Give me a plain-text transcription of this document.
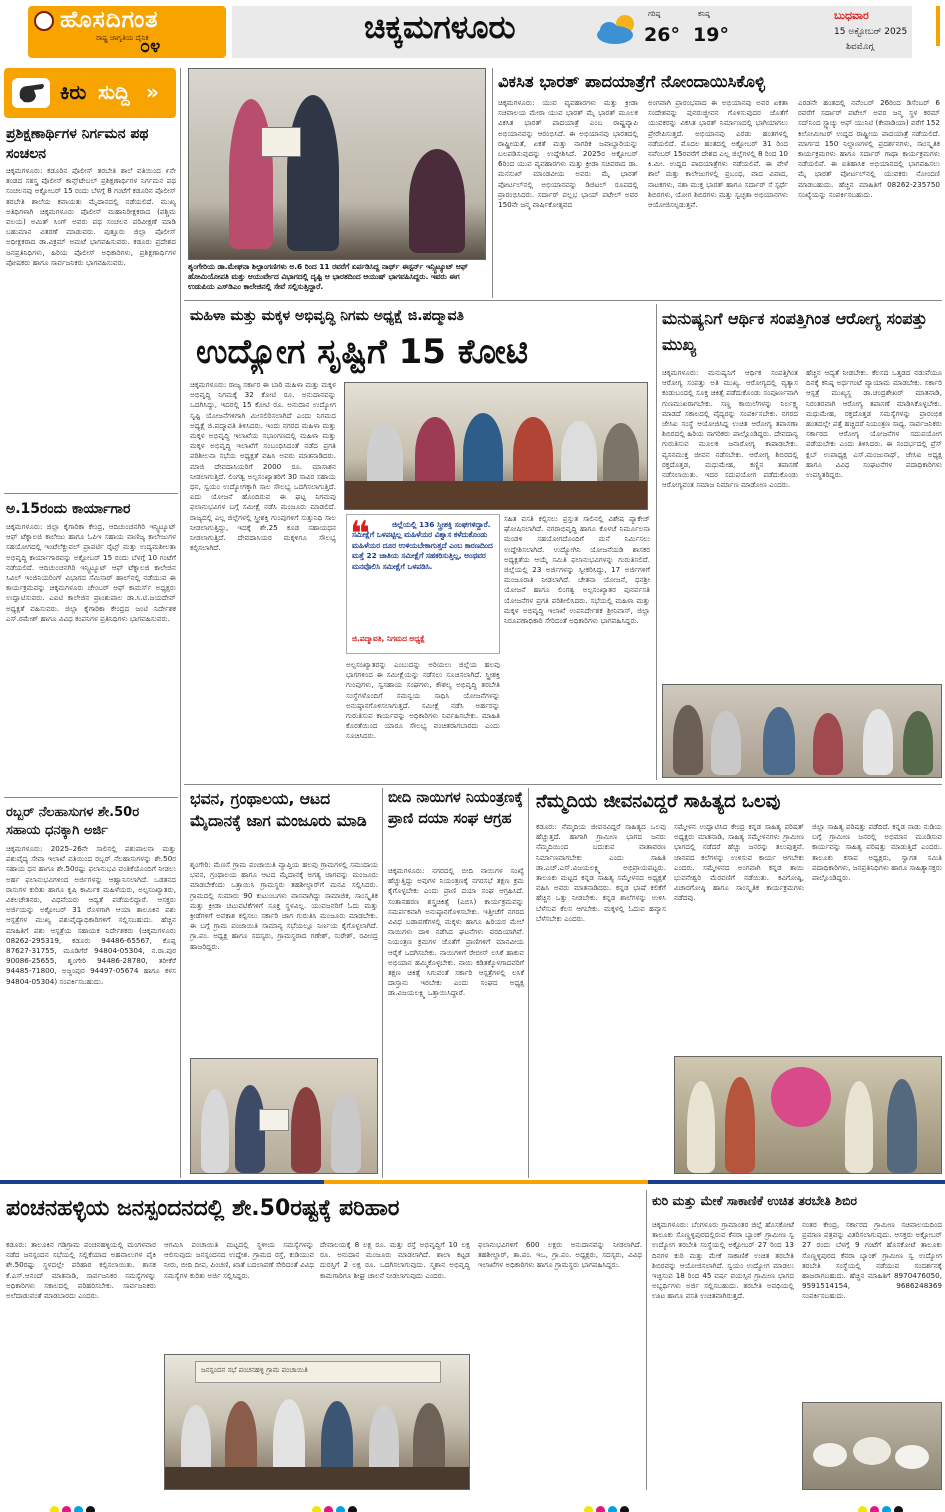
ಹೊಸದಿಗಂತ
ರಾಷ್ಟ್ರ ಜಾಗೃತಿಯ ದೈನಿಕ
೦೪
ಚಿಕ್ಕಮಗಳೂರು	ಗರಿಷ್ಠ
26°
ಕನಿಷ್ಠ
19°
ಬುಧವಾರ
15 ಅಕ್ಟೋಬರ್ 2025
ಶಿವಮೊಗ್ಗ
ಕಿರು ಸುದ್ದಿ »
ಪ್ರಶಿಕ್ಷಣಾರ್ಥಿಗಳ ನಿರ್ಗಮನ ಪಥ ಸಂಚಲನ
ಚಿಕ್ಕಮಗಳೂರು: ಕಡೂರಿನ ಪೊಲೀಸ್ ತರಬೇತಿ ಶಾಲೆ ವತಿಯಿಂದ ೯ನೇ ತಂಡದ ಸಶಸ್ತ್ರ ಪೊಲೀಸ್ ಕಾನ್ಸ್‌ಟೇಬಲ್ ಪ್ರಶಿಕ್ಷಣಾರ್ಥಿಗಳ ನಿರ್ಗಮನ ಪಥ ಸಂಚಲನವು ಅಕ್ಟೋಬರ್ 15 ರಂದು ಬೆಳಗ್ಗೆ 8 ಗಂಟೆಗೆ ಕಡೂರಿನ ಪೊಲೀಸ್ ತರಬೇತಿ ಶಾಲೆಯ ಕವಾಯತು ಮೈದಾನದಲ್ಲಿ ನಡೆಯಲಿದೆ. ಮುಖ್ಯ ಅತಿಥಿಗಳಾಗಿ ಚಿಕ್ಕಮಗಳೂರು ಪೊಲೀಸ್ ಮಹಾನಿರೀಕ್ಷಕರಾದ (ಪಶ್ಚಿಮ ವಲಯ) ಅಮಿತ್ ಸಿಂಗ್ ಅವರು ಪಥ ಸಂಚಲನ ಪರಿವೀಕ್ಷಣೆ ಮಾಡಿ ಬಹುಮಾನ ವಿತರಣೆ ಮಾಡುವರು. ಪುತ್ತೂರು ಜಿಲ್ಲಾ ಪೊಲೀಸ್ ಅಧೀಕ್ಷಕರಾದ ಡಾ.ವಿಕ್ರಮ್ ಅಮಟೆ ಭಾಗವಹಿಸುವರು. ಕಡೂರು ಪ್ರದೇಶದ ಜನಪ್ರತಿನಿಧಿಗಳು, ಹಿರಿಯ ಪೊಲೀಸ್ ಅಧಿಕಾರಿಗಳು, ಪ್ರಶಿಕ್ಷಣಾರ್ಥಿಗಳ ಪೋಷಕರು ಹಾಗೂ ಸಾರ್ವಜನಿಕರು ಭಾಗವಹಿಸುವರು.
ಅ.15ರಂದು ಕಾರ್ಯಾಗಾರ
ಚಿಕ್ಕಮಗಳೂರು: ಜಿಲ್ಲಾ ಕೈಗಾರಿಕಾ ಕೇಂದ್ರ, ಆದಿಚುಂಚನಗಿರಿ ಇನ್ಸ್ಟಿಟ್ಯೂಟ್ ಆಫ್ ಟೆಕ್ನಾಲಜಿ ಕಾಲೇಜು ಹಾಗೂ ಓಪಿಇ ಸಹಾಯ ವಾಣಿಜ್ಯ ಕಾಲೇಜುಗಳ ಸಹಯೋಗದಲ್ಲಿ ಇಂಟೆಲೆಕ್ಚುವಲ್ ಪ್ರಾಪರ್ಟಿ ರೈಟ್ಸ್ ಮತ್ತು ಉದ್ಯಮಶೀಲತಾ ಅಭಿವೃದ್ಧಿ ಕಾರ್ಯಾಗಾರವನ್ನು ಅಕ್ಟೋಬರ್ 15 ರಂದು ಬೆಳಗ್ಗೆ 10 ಗಂಟೆಗೆ ನಡೆಯಲಿದೆ. ಆದಿಚುಂಚನಗಿರಿ ಇನ್ಸ್ಟಿಟ್ಯೂಟ್ ಆಫ್ ಟೆಕ್ನಾಲಜಿ ಕಾಲೇಜಿನ ಸಿವಿಲ್ ಇಂಜಿನಿಯರಿಂಗ್ ವಿಭಾಗದ ಸೆಮಿನಾರ್ ಹಾಲ್‌ನಲ್ಲಿ ನಡೆಯುವ ಈ ಕಾರ್ಯಕ್ರಮವನ್ನು ಚಿಕ್ಕಮಗಳೂರು ಚೇಂಬರ್ ಆಫ್ ಕಾಮರ್ಸ್ ಅಧ್ಯಕ್ಷರು ಉದ್ಘಾಟಿಸುವರು. ಎಐಟಿ ಕಾಲೇಜಿನ ಪ್ರಾಂಶುಪಾಲ ಡಾ.ಸಿ.ಟಿ.ಜಯದೇವ್ ಅಧ್ಯಕ್ಷತೆ ವಹಿಸುವರು. ಜಿಲ್ಲಾ ಕೈಗಾರಿಕಾ ಕೇಂದ್ರದ ಜಂಟಿ ನಿರ್ದೇಶಕ ಎಸ್.ರಮೇಶ್ ಹಾಗೂ ವಿವಿಧ ಕಂಪನಿಗಳ ಪ್ರತಿನಿಧಿಗಳು ಭಾಗವಹಿಸುವರು.
ರಬ್ಬರ್ ನೆಲಹಾಸುಗಳ ಶೇ.50ರ ಸಹಾಯ ಧನಕ್ಕಾಗಿ ಅರ್ಜಿ
ಚಿಕ್ಕಮಗಳೂರು: 2025–26ನೇ ಸಾಲಿನಲ್ಲಿ ಪಶುಪಾಲನಾ ಮತ್ತು ಪಶುವೈದ್ಯ ಸೇವಾ ಇಲಾಖೆ ವತಿಯಿಂದ ರಬ್ಬರ್ ನೆಲಹಾಸುಗಳನ್ನು ಶೇ.50ರ ಸಹಾಯ ಧನ ಹಾಗೂ ಶೇ.50ರಷ್ಟು ಫಲಾನುಭವಿ ವಂತಿಕೆಯೊಂದಿಗೆ ನೀಡಲು ಅರ್ಹ ಫಲಾನುಭವಿಗಳಿಂದ ಅರ್ಜಿಗಳನ್ನು ಆಹ್ವಾನಿಸಲಾಗಿದೆ. ಒಡತನದ ರಾಸುಗಳ ಕುರಿತು ಹಾಗೂ ಕೃಷಿ ಕಾರ್ಮಿಕ ಮಹಿಳೆಯರು, ಅಲ್ಪಸಂಖ್ಯಾತರು, ವಿಕಲಚೇತನರು, ವಿಧವೆಯರು ಆದ್ಯತೆ ಪಡೆಯಲಿದ್ದಾರೆ. ಆಸಕ್ತರು ಅರ್ಜಿಯನ್ನು ಅಕ್ಟೋಬರ್ 31 ರೊಳಗಾಗಿ ಆಯಾ ತಾಲೂಕಿನ ಪಶು ಆಸ್ಪತ್ರೆಗಳ ಮುಖ್ಯ ಪಶುವೈದ್ಯಾಧಿಕಾರಿಗಳಿಗೆ ಸಲ್ಲಿಸಬಹುದು. ಹೆಚ್ಚಿನ ಮಾಹಿತಿಗೆ ಪಶು ಆಸ್ಪತ್ರೆಯ ಸಹಾಯಕ ನಿರ್ದೇಶಕರು (ಚಿಕ್ಕಮಗಳೂರು 08262-295319, ಕಡೂರು 94486-65567, ಕೊಪ್ಪ 87627-31755, ಮೂಡಿಗೆರೆ 94804-05304, ನ.ರಾ.ಪುರ 90086-25655, ಶೃಂಗೇರಿ 94486-28780, ತರೀಕೆರೆ 94485-71800, ಅಜ್ಜಂಪುರ 94497-05674 ಹಾಗೂ ಕಳಸ 94804-05304) ಸಂಪರ್ಕಿಸಬಹುದು.
ಶೃಂಗೇರಿಯ ಡಾ.ಮೇಘನಾ ಶಿಲ್ಪಾಂಗಣಿಗಳು ಅ.6 ರಿಂದ 11 ರವರೆಗೆ ಏರ್ಪಡಿಸಿದ್ದ ನಾರ್ಥ್ ಈಸ್ಟರ್ನ್ ಇನ್ಸ್ಟಿಟ್ಯೂಟ್ ಆಫ್ ಹೋಮಿಯೋಪತಿ ಮತ್ತು ಆಯುರ್ವೇದ ವಿಭಾಗದಲ್ಲಿ ದೃಷ್ಟಿ ಆ ಭಾರತದಿಂದ ಆಯುಷ್ ಭಾಗವಹಿಸಿದ್ದರು. ಇವರು ಈಗ ಉಡುಪಿಯ ಎಸ್‌ಡಿಎಂ ಕಾಲೇಜಿನಲ್ಲಿ ಸೇವೆ ಸಲ್ಲಿಸುತ್ತಿದ್ದಾರೆ.
ವಿಕಸಿತ ಭಾರತ್ ಪಾದಯಾತ್ರೆಗೆ ನೋಂದಾಯಿಸಿಕೊಳ್ಳಿ
ಚಿಕ್ಕಮಗಳೂರು: ಯುವ ವ್ಯವಹಾರಗಳು ಮತ್ತು ಕ್ರೀಡಾ ಸಚಿವಾಲಯ ಮೇರಾ ಯುವ ಭಾರತ್ ಮೈ ಭಾರತ್ ಮೂಲಕ ವಿಕಸಿತ ಭಾರತ್ ಪಾದಯಾತ್ರೆ ಎಂಬ ರಾಷ್ಟ್ರವ್ಯಾಪಿ ಅಭಿಯಾನವನ್ನು ಆರಂಭಿಸಿದೆ. ಈ ಅಭಿಯಾನವು ಭಾರತದಲ್ಲಿ ರಾಷ್ಟ್ರೀಯತೆ, ಏಕತೆ ಮತ್ತು ನಾಗರಿಕ ಜವಾಬ್ದಾರಿಯನ್ನು ಬಲಪಡಿಸುವುದನ್ನು ಉದ್ದೇಶಿಸಿದೆ. 2025ರ ಅಕ್ಟೋಬರ್ 6ರಿಂದ ಯುವ ವ್ಯವಹಾರಗಳು ಮತ್ತು ಕ್ರೀಡಾ ಸಚಿವರಾದ ಡಾ. ಮನಸುಖ್ ಮಾಂಡವೀಯ ಅವರು ಮೈ ಭಾರತ್ ಪೋರ್ಟಲ್‌ನಲ್ಲಿ ಅಭಿಯಾನವನ್ನು ಡಿಜಿಟಲ್ ರೂಪದಲ್ಲಿ ಪ್ರಾರಂಭಿಸಿದರು. ಸರ್ದಾರ್ ವಲ್ಲಭ ಭಾಯ್ ಪಟೇಲ್ ಅವರ 150ನೇ ಜನ್ಮ ವಾರ್ಷಿಕೋತ್ಸವದ
ಅಂಗವಾಗಿ ಪ್ರಾರಂಭವಾದ ಈ ಅಭಿಯಾನವು ಅವರ ಏಕತಾ ಸಂದೇಶವನ್ನು ಪುನರುಜ್ಜೀವನ ಗೊಳಿಸುವುದರ ಜೊತೆಗೆ ಯುವಕರನ್ನು ವಿಕಸಿತ ಭಾರತ್ ನಿರ್ಮಾಣದಲ್ಲಿ ಭಾಗಿಯಾಗಲು ಪ್ರೇರೇಪಿಸುತ್ತದೆ. ಅಭಿಯಾನವು ಎರಡು ಹಂತಗಳಲ್ಲಿ ನಡೆಯಲಿದೆ. ಮೊದಲ ಹಂತದಲ್ಲಿ ಅಕ್ಟೋಬರ್ 31 ರಿಂದ ನವೆಂಬರ್ 15ರವರೆಗೆ ದೇಶದ ಎಲ್ಲ ಜಿಲ್ಲೆಗಳಲ್ಲಿ 8 ರಿಂದ 10 ಕಿ.ಮೀ. ಉದ್ದದ ಪಾದಯಾತ್ರೆಗಳು ನಡೆಯಲಿವೆ. ಈ ವೇಳೆ ಶಾಲೆ ಮತ್ತು ಕಾಲೇಜುಗಳಲ್ಲಿ ಪ್ರಬಂಧ, ವಾದ ವಿವಾದ, ನಾಟಕಗಳು, ನಶಾ ಮುಕ್ತ ಭಾರತ್ ಹಾಗೂ ಸರ್ದಾರ್ ಸೆ ಸ್ಪರ್ಧೆ ಶಿಬಿರಗಳು, ಯೋಗ ಶಿಬಿರಗಳು ಮತ್ತು ಸ್ವಚ್ಛತಾ ಅಭಿಯಾನಗಳು ಆಯೋಜಿಸಲ್ಪಡುತ್ತವೆ.
ಎರಡನೇ ಹಂತದಲ್ಲಿ ನವೆಂಬರ್ 26ರಿಂದ ಡಿಸೆಂಬರ್ 6 ರವರೆಗೆ ಸರ್ದಾರ್ ಪಟೇಲ್ ಅವರ ಜನ್ಮ ಸ್ಥಳ ಕರಮ್ ಸದ್‌ನಿಂದ ಸ್ಟ್ಯಾಚ್ಯು ಆಫ್ ಯುನಿಟಿ (ಕೇವಾಡಿಯಾ) ವರೆಗೆ 152 ಕಿಲೋಮೀಟರ್ ಉದ್ದದ ರಾಷ್ಟ್ರೀಯ ಪಾದಯಾತ್ರೆ ನಡೆಯಲಿದೆ. ಮಾರ್ಗದ 150 ನಿಲ್ದಾಣಗಳಲ್ಲಿ ಪ್ರದರ್ಶನಗಳು, ಸಾಂಸ್ಕೃತಿಕ ಕಾರ್ಯಕ್ರಮಗಳು ಹಾಗೂ ಸರ್ದಾರ್ ಗಾಥಾ ಕಾರ್ಯಕ್ರಮಗಳು ನಡೆಯಲಿವೆ. ಈ ಐತಿಹಾಸಿಕ ಅಭಿಯಾನದಲ್ಲಿ ಭಾಗವಹಿಸಲು ಮೈ ಭಾರತ್ ಪೋರ್ಟಲ್‌ನಲ್ಲಿ ಯುವಕರು ನೋಂದಣಿ ಮಾಡಬಹುದು. ಹೆಚ್ಚಿನ ಮಾಹಿತಿಗೆ 08262-235750 ಸಂಖ್ಯೆಯನ್ನು ಸಂಪರ್ಕಿಸಬಹುದು.
ಮಹಿಳಾ ಮತ್ತು ಮಕ್ಕಳ ಅಭಿವೃದ್ಧಿ ನಿಗಮ ಅಧ್ಯಕ್ಷೆ ಜಿ.ಪದ್ಮಾವತಿ
ಉದ್ಯೋಗ ಸೃಷ್ಟಿಗೆ 15 ಕೋಟಿ
ಚಿಕ್ಕಮಗಳೂರು: ರಾಜ್ಯ ಸರ್ಕಾರ ಈ ಬಾರಿ ಮಹಿಳಾ ಮತ್ತು ಮಕ್ಕಳ ಅಭಿವೃದ್ಧಿ ನಿಗಮಕ್ಕೆ 32 ಕೋಟಿ ರೂ. ಅನುದಾನವನ್ನು ಒದಗಿಸಿದ್ದು, ಇದರಲ್ಲಿ 15 ಕೋಟಿ ರೂ. ಅನುದಾನ ಉದ್ಯೋಗ ಸೃಷ್ಟಿ ಯೋಜನೆಗಳಿಗಾಗಿ ಮೀಸಲಿರಿಸಲಾಗಿದೆ ಎಂದು ನಿಗಮದ ಅಧ್ಯಕ್ಷೆ ಜಿ.ಪದ್ಮಾವತಿ ತಿಳಿಸಿದರು. ಇಂದು ನಗರದ ಮಹಿಳಾ ಮತ್ತು ಮಕ್ಕಳ ಅಭಿವೃದ್ಧಿ ಇಲಾಖೆಯ ಸಭಾಂಗಣದಲ್ಲಿ ಮಹಿಳಾ ಮತ್ತು ಮಕ್ಕಳ ಅಭಿವೃದ್ಧಿ ಇಲಾಖೆಗೆ ಸಂಬಂಧಿಸಿದಂತೆ ನಡೆದ ಪ್ರಗತಿ ಪರಿಶೀಲನಾ ಸಭೆಯ ಅಧ್ಯಕ್ಷತೆ ವಹಿಸಿ ಅವರು ಮಾತನಾಡಿದರು. ಮಾಜಿ ದೇವದಾಸಿಯರಿಗೆ 2000 ರೂ. ಮಾಸಾಶನ ನೀಡಲಾಗುತ್ತಿದೆ. ಲಿಂಗತ್ವ ಅಲ್ಪಸಂಖ್ಯಾತರಿಗೆ 30 ಸಾವಿರ ಸಹಾಯ ಧನ, ಸ್ವಯಂ ಉದ್ಯೋಗಕ್ಕಾಗಿ ಸಾಲ ಸೌಲಭ್ಯ ಒದಗಿಸಲಾಗುತ್ತಿದೆ. ಐದು ಯೋಜನೆ ಹೊಂದಿರುವ ಈ ಘಟ್ಟ ನಿಗಮವು ಫಲಾನುಭವಿಗಳ ಬಗ್ಗೆ ಸಮೀಕ್ಷೆ ನಡೆಸಿ ಮಂಜೂರು ಮಾಡಲಿದೆ. ರಾಜ್ಯದಲ್ಲಿ ಎಲ್ಲ ಜಿಲ್ಲೆಗಳಲ್ಲಿ ಸ್ತ್ರೀಶಕ್ತಿ ಗುಂಪುಗಳಿಗೆ ಸುತ್ತುನಿಧಿ ಸಾಲ ನೀಡಲಾಗುತ್ತಿದ್ದು, ಇದಕ್ಕೆ ಶೇ.25 ಕೂಡ ಸಹಾಯಧನ ನೀಡಲಾಗುತ್ತಿದೆ. ದೇವದಾಸಿಯರ ಮಕ್ಕಳಿಗೂ ಸೌಲಭ್ಯ ಕಲ್ಪಿಸಲಾಗಿದೆ.	❝	ಜಿಲ್ಲೆಯಲ್ಲಿ 136 ಸ್ತ್ರೀಶಕ್ತಿ ಸಂಘಗಳಿದ್ದಾರೆ. ಸಮೀಕ್ಷೆಗೆ ಒಳಪಟ್ಟಿಲ್ಲ ಮಹಿಳೆಯರ ವಿಶ್ವಾಸ ಕಳೆದುಕೊಂಡು ಮಹಿಳೆಯರ ದೂರ ಉಳಿಯಬೇಕಾಗುತ್ತದೆ ಎಂಬ ಕಾರಣದಿಂದ ಮತ್ತೆ 22 ಜಾತಿಯ ಸಮೀಕ್ಷೆಗೆ ಸಹಕರಿಸುತ್ತಿಲ್ಲ, ಅಂಥವರ ಮನವೊಲಿಸಿ ಸಮೀಕ್ಷೆಗೆ ಒಳಪಡಿಸಿ.
ಜಿ.ಪದ್ಮಾವತಿ, ನಿಗಮದ ಅಧ್ಯಕ್ಷೆ
ಸಹಿತ ವಸತಿ ಕಲ್ಪಿಸಲು ಪ್ರಸ್ತುತ ಸಾಲಿನಲ್ಲಿ ವಿಶೇಷ ಪ್ಯಾಕೇಜ್ ಘೋಷಿಸಲಾಗಿದೆ. ನಗರಾಭಿವೃದ್ಧಿ ಹಾಗೂ ಕೊಳಚೆ ನಿರ್ಮೂಲನಾ ಮಂಡಳಿ ಸಹಯೋಗದೊಂದಿಗೆ ಮನೆ ನಿರ್ಮಿಸಲು ಉದ್ದೇಶಿಸಲಾಗಿದೆ. ಉದ್ಯೋಗಿನಿ ಯೋಜನೆಯಡಿ ಶಾಸಕರ ಅಧ್ಯಕ್ಷತೆಯ ಆಯ್ಕೆ ಸಮಿತಿ ಫಲಾನುಭವಿಗಳನ್ನು ಗುರುತಿಸಲಿದೆ. ಜಿಲ್ಲೆಯಲ್ಲಿ 23 ಅರ್ಜಿಗಳನ್ನು ಸ್ವೀಕರಿಸಿದ್ದು, 17 ಅರ್ಜಿಗಳಿಗೆ ಮಂಜೂರಾತಿ ನೀಡಲಾಗಿದೆ. ಚೇತನಾ ಯೋಜನೆ, ಧನಶ್ರೀ ಯೋಜನೆ ಹಾಗೂ ಲಿಂಗತ್ವ ಅಲ್ಪಸಂಖ್ಯಾತರ ಪುನರ್ವಸತಿ ಯೋಜನೆಗಳ ಪ್ರಗತಿ ಪರಿಶೀಲಿಸಿದರು. ಸಭೆಯಲ್ಲಿ ಮಹಿಳಾ ಮತ್ತು ಮಕ್ಕಳ ಅಭಿವೃದ್ಧಿ ಇಲಾಖೆ ಉಪನಿರ್ದೇಶಕ ಶ್ರೀನಿವಾಸ್, ಜಿಲ್ಲಾ ನಿರೂಪಣಾಧಿಕಾರಿ ಸೇರಿದಂತೆ ಅಧಿಕಾರಿಗಳು ಭಾಗವಹಿಸಿದ್ದರು.
ಅಲ್ಪಸಂಖ್ಯಾತರನ್ನು ಎಂಬುದನ್ನು ಅರಿಯಲು ಜಿಲ್ಲೆಯ ಹಲವು ಭಾಗಗಳಿಂದ ಈ ಸಮೀಕ್ಷೆಯನ್ನು ನಡೆಸಲು ಸೂಚಿಸಲಾಗಿದೆ. ಸ್ತ್ರೀಶಕ್ತಿ ಗುಂಪುಗಳು, ಸ್ವಸಹಾಯ ಸಂಘಗಳು, ಕೌಶಲ್ಯ ಅಭಿವೃದ್ಧಿ ತರಬೇತಿ ಸಂಸ್ಥೆಗಳೊಂದಿಗೆ ಸಮನ್ವಯ ಸಾಧಿಸಿ ಯೋಜನೆಗಳನ್ನು ಅನುಷ್ಠಾನಗೊಳಿಸಲಾಗುತ್ತದೆ. ಸಮೀಕ್ಷೆ ನಡೆಸಿ ಅರ್ಹರನ್ನು ಗುರುತಿಸುವ ಕಾರ್ಯವನ್ನು ಅಧಿಕಾರಿಗಳು ನಿರ್ವಹಿಸಬೇಕು. ಮಾಹಿತಿ ಕೊರತೆಯಿಂದ ಯಾರೂ ಸೌಲಭ್ಯ ವಂಚಿತರಾಗಬಾರದು ಎಂದು ಸೂಚಿಸಿದರು.
ಮನುಷ್ಯನಿಗೆ ಆರ್ಥಿಕ ಸಂಪತ್ತಿಗಿಂತ ಆರೋಗ್ಯ ಸಂಪತ್ತು ಮುಖ್ಯ
ಚಿಕ್ಕಮಗಳೂರು: ಮನುಷ್ಯನಿಗೆ ಆರ್ಥಿಕ ಸಂಪತ್ತಿಗಿಂತ ಆರೋಗ್ಯ ಸಂಪತ್ತು ಅತಿ ಮುಖ್ಯ. ಆರೋಗ್ಯದಲ್ಲಿ ವ್ಯತ್ಯಾಸ ಕಂಡುಬಂದಲ್ಲಿ ಸೂಕ್ತ ಚಿಕಿತ್ಸೆ ಪಡೆದುಕೊಂಡು ಸಂಪೂರ್ಣವಾಗಿ ಗುಣಮುಖರಾಗಬೇಕು. ಸಣ್ಣ ಕಾಯಿಲೆಗಳನ್ನು ನಿರ್ಲಕ್ಷ್ಯ ಮಾಡದೆ ಸಕಾಲದಲ್ಲಿ ವೈದ್ಯರನ್ನು ಸಂಪರ್ಕಿಸಬೇಕು. ನಗರದ ಜೇಸಿಐ ಸಂಸ್ಥೆ ಆಯೋಜಿಸಿದ್ದ ಉಚಿತ ಆರೋಗ್ಯ ತಪಾಸಣಾ ಶಿಬಿರದಲ್ಲಿ ಹಿರಿಯ ನಾಗರಿಕರು ಪಾಲ್ಗೊಂಡಿದ್ದರು. ದೇವದಾನ್ಯ ಗುರುತಿಸುವ ಮೂಲಕ ಜನಾರೋಗ್ಯ ಕಾಪಾಡಬೇಕು. ವ್ಯಸನಮುಕ್ತ ಜೀವನ ನಡೆಸಬೇಕು. ಆರೋಗ್ಯ ಶಿಬಿರದಲ್ಲಿ ರಕ್ತದೊತ್ತಡ, ಮಧುಮೇಹ, ಕಣ್ಣಿನ ತಪಾಸಣೆ ನಡೆಸಲಾಯಿತು. ಇದರ ಸದುಪಯೋಗ ಪಡೆದುಕೊಂಡು ಆರೋಗ್ಯವಂತ ಸಮಾಜ ನಿರ್ಮಾಣ ಮಾಡೋಣ ಎಂದರು.
ಹೆಚ್ಚಿನ ಆದ್ಯತೆ ನೀಡಬೇಕು. ಕೆಲಸದ ಒತ್ತಡದ ನಡುವೆಯೂ ದಿನಕ್ಕೆ ಕನಿಷ್ಠ ಅರ್ಧಗಂಟೆ ವ್ಯಾಯಾಮ ಮಾಡಬೇಕು. ಸರ್ಕಾರಿ ಆಸ್ಪತ್ರೆ ಮುಖ್ಯಸ್ಥ ಡಾ.ಚಂದ್ರಶೇಖರ್ ಮಾತನಾಡಿ, ನಿರಂತರವಾಗಿ ಆರೋಗ್ಯ ತಪಾಸಣೆ ಮಾಡಿಸಿಕೊಳ್ಳಬೇಕು. ಮಧುಮೇಹ, ರಕ್ತದೊತ್ತಡ ಸಮಸ್ಯೆಗಳನ್ನು ಪ್ರಾರಂಭಿಕ ಹಂತದಲ್ಲೇ ಪತ್ತೆ ಹಚ್ಚಿದರೆ ನಿಯಂತ್ರಣ ಸಾಧ್ಯ. ಸಾರ್ವಜನಿಕರು ಸರ್ಕಾರದ ಆರೋಗ್ಯ ಯೋಜನೆಗಳ ಸದುಪಯೋಗ ಪಡೆಯಬೇಕು ಎಂದು ತಿಳಿಸಿದರು. ಈ ಸಂದರ್ಭದಲ್ಲಿ ಪ್ರೆಸ್ ಕ್ಲಬ್ ಉಪಾಧ್ಯಕ್ಷ ಎಸ್.ಮಂಜುನಾಥ್, ಜೇಸಿಐ ಅಧ್ಯಕ್ಷ ಹಾಗೂ ವಿವಿಧ ಸಂಘಟನೆಗಳ ಪದಾಧಿಕಾರಿಗಳು ಉಪಸ್ಥಿತರಿದ್ದರು.
ಭವನ, ಗ್ರಂಥಾಲಯ, ಆಟದ ಮೈದಾನಕ್ಕೆ ಜಾಗ ಮಂಜೂರು ಮಾಡಿ
ಶೃಂಗೇರಿ: ಮೆಣಸೆ ಗ್ರಾಮ ಪಂಚಾಯಿತಿ ವ್ಯಾಪ್ತಿಯ ಹಲವು ಗ್ರಾಮಗಳಲ್ಲಿ ಸಮುದಾಯ ಭವನ, ಗ್ರಂಥಾಲಯ ಹಾಗೂ ಆಟದ ಮೈದಾನಕ್ಕೆ ಅಗತ್ಯ ಜಾಗವನ್ನು ಮಂಜೂರು ಮಾಡಬೇಕೆಂದು ಒತ್ತಾಯಿಸಿ ಗ್ರಾಮಸ್ಥರು ತಹಶೀಲ್ದಾರ್‌ಗೆ ಮನವಿ ಸಲ್ಲಿಸಿದರು. ಗ್ರಾಮದಲ್ಲಿ ಸುಮಾರು 90 ಕುಟುಂಬಗಳು ವಾಸವಾಗಿದ್ದು ಸಾಮಾಜಿಕ, ಸಾಂಸ್ಕೃತಿಕ ಮತ್ತು ಕ್ರೀಡಾ ಚಟುವಟಿಕೆಗಳಿಗೆ ಸೂಕ್ತ ಸ್ಥಳವಿಲ್ಲ. ಯುವಜನರಿಗೆ ಓದು ಮತ್ತು ಕ್ರೀಡೆಗಳಿಗೆ ಅವಕಾಶ ಕಲ್ಪಿಸಲು ಸರ್ಕಾರಿ ಜಾಗ ಗುರುತಿಸಿ ಮಂಜೂರು ಮಾಡಬೇಕು. ಈ ಬಗ್ಗೆ ಗ್ರಾಮ ಪಂಚಾಯಿತಿ ಸಾಮಾನ್ಯ ಸಭೆಯಲ್ಲೂ ನಿರ್ಣಯ ಕೈಗೊಳ್ಳಲಾಗಿದೆ. ಗ್ರಾ.ಪಂ. ಅಧ್ಯಕ್ಷ ಹಾಗೂ ಸದಸ್ಯರು, ಗ್ರಾಮಸ್ಥರಾದ ಗಣೇಶ್, ಸುರೇಶ್, ರವೀಂದ್ರ ಹಾಜರಿದ್ದರು.
ಬೀದಿ ನಾಯಿಗಳ ನಿಯಂತ್ರಣಕ್ಕೆ ಪ್ರಾಣಿ ದಯಾ ಸಂಘ ಆಗ್ರಹ
ಚಿಕ್ಕಮಗಳೂರು: ನಗರದಲ್ಲಿ ಬೀದಿ ನಾಯಿಗಳ ಸಂಖ್ಯೆ ಹೆಚ್ಚುತ್ತಿದ್ದು ಅವುಗಳ ನಿಯಂತ್ರಣಕ್ಕೆ ನಗರಸಭೆ ತಕ್ಷಣ ಕ್ರಮ ಕೈಗೊಳ್ಳಬೇಕು ಎಂದು ಪ್ರಾಣಿ ದಯಾ ಸಂಘ ಆಗ್ರಹಿಸಿದೆ. ಸಂತಾನಹರಣ ಶಸ್ತ್ರಚಿಕಿತ್ಸೆ (ಎಬಿಸಿ) ಕಾರ್ಯಕ್ರಮವನ್ನು ಸಮರ್ಪಕವಾಗಿ ಅನುಷ್ಠಾನಗೊಳಿಸಬೇಕು. ಇತ್ತೀಚೆಗೆ ನಗರದ ವಿವಿಧ ಬಡಾವಣೆಗಳಲ್ಲಿ ಮಕ್ಕಳು ಹಾಗೂ ಹಿರಿಯರ ಮೇಲೆ ನಾಯಿಗಳು ದಾಳಿ ನಡೆಸಿದ ಘಟನೆಗಳು ವರದಿಯಾಗಿವೆ. ನಿಯಂತ್ರಣ ಕ್ರಮಗಳ ಜೊತೆಗೆ ಪ್ರಾಣಿಗಳಿಗೆ ಮಾನವೀಯ ಆರೈಕೆ ಒದಗಿಸಬೇಕು. ನಾಯಿಗಳಿಗೆ ರೇಬೀಸ್ ಲಸಿಕೆ ಹಾಕುವ ಅಭಿಯಾನ ಹಮ್ಮಿಕೊಳ್ಳಬೇಕು. ನಾಯಿ ಕಡಿತಕ್ಕೊಳಗಾದವರಿಗೆ ತಕ್ಷಣ ಚಿಕಿತ್ಸೆ ಸಿಗುವಂತೆ ಸರ್ಕಾರಿ ಆಸ್ಪತ್ರೆಗಳಲ್ಲಿ ಲಸಿಕೆ ದಾಸ್ತಾನು ಇರಬೇಕು ಎಂದು ಸಂಘದ ಅಧ್ಯಕ್ಷ ಡಾ.ವಿಜಯಲಕ್ಷ್ಮಿ ಒತ್ತಾಯಿಸಿದ್ದಾರೆ.
ನೆಮ್ಮದಿಯ ಜೀವನವಿದ್ದರೆ ಸಾಹಿತ್ಯದ ಒಲವು
ಕಡೂರು: ನೆಮ್ಮದಿಯ ಜೀವನವಿದ್ದರೆ ಸಾಹಿತ್ಯದ ಒಲವು ಹೆಚ್ಚುತ್ತದೆ. ಹಾಗಾಗಿ ಗ್ರಾಮೀಣ ಭಾಗದ ಜನರು ನೆಮ್ಮದಿಯಿಂದ ಬದುಕುವ ವಾತಾವರಣ ನಿರ್ಮಾಣವಾಗಬೇಕು ಎಂದು ಸಾಹಿತಿ ಡಾ.ಎಚ್.ಎಸ್.ವಿಜಯಲಕ್ಷ್ಮಿ ಅಭಿಪ್ರಾಯಪಟ್ಟರು. ತಾಲೂಕು ಮಟ್ಟದ ಕನ್ನಡ ಸಾಹಿತ್ಯ ಸಮ್ಮೇಳನದ ಅಧ್ಯಕ್ಷತೆ ವಹಿಸಿ ಅವರು ಮಾತನಾಡಿದರು. ಕನ್ನಡ ಭಾಷೆ ಕಲಿಕೆಗೆ ಹೆಚ್ಚಿನ ಒತ್ತು ನೀಡಬೇಕು. ಕನ್ನಡ ಶಾಲೆಗಳನ್ನು ಉಳಿಸಿ ಬೆಳೆಸುವ ಕೆಲಸ ಆಗಬೇಕು. ಮಕ್ಕಳಲ್ಲಿ ಓದುವ ಹವ್ಯಾಸ ಬೆಳೆಸಬೇಕು ಎಂದರು.
ಸಮ್ಮೇಳನ ಉದ್ಘಾಟಿಸಿದ ಕೇಂದ್ರ ಕನ್ನಡ ಸಾಹಿತ್ಯ ಪರಿಷತ್ ಅಧ್ಯಕ್ಷರು ಮಾತನಾಡಿ, ಸಾಹಿತ್ಯ ಸಮ್ಮೇಳನಗಳು ಗ್ರಾಮೀಣ ಭಾಗದಲ್ಲಿ ನಡೆದರೆ ಹೆಚ್ಚು ಜನರನ್ನು ತಲುಪುತ್ತವೆ. ಜಾನಪದ ಕಲೆಗಳನ್ನು ಉಳಿಸುವ ಕಾರ್ಯ ಆಗಬೇಕು ಎಂದರು. ಸಮ್ಮೇಳನದ ಅಂಗವಾಗಿ ಕನ್ನಡ ತಾಯಿ ಭುವನೇಶ್ವರಿ ಮೆರವಣಿಗೆ ನಡೆಯಿತು. ಕವಿಗೋಷ್ಠಿ, ವಿಚಾರಗೋಷ್ಠಿ ಹಾಗೂ ಸಾಂಸ್ಕೃತಿಕ ಕಾರ್ಯಕ್ರಮಗಳು ನಡೆದವು.
ಜಿಲ್ಲಾ ಸಾಹಿತ್ಯ ಪರಿಷತ್ತು ಪಡೆದಿದೆ. ಕನ್ನಡ ನಾಡು ನುಡಿಯ ಬಗ್ಗೆ ಗ್ರಾಮೀಣ ಜನರಲ್ಲಿ ಅಭಿಮಾನ ಮೂಡಿಸುವ ಕಾರ್ಯವನ್ನು ಸಾಹಿತ್ಯ ಪರಿಷತ್ತು ಮಾಡುತ್ತಿದೆ ಎಂದರು. ತಾಲೂಕು ಕಸಾಪ ಅಧ್ಯಕ್ಷರು, ಸ್ವಾಗತ ಸಮಿತಿ ಪದಾಧಿಕಾರಿಗಳು, ಜನಪ್ರತಿನಿಧಿಗಳು ಹಾಗೂ ಸಾಹಿತ್ಯಾಸಕ್ತರು ಪಾಲ್ಗೊಂಡಿದ್ದರು.
ಪಂಚನಹಳ್ಳಿಯ ಜನಸ್ಪಂದನದಲ್ಲಿ ಶೇ.50ರಷ್ಟಕ್ಕೆ ಪರಿಹಾರ
ಕಡೂರು: ತಾಲೂಕಿನ ಗಡಿಗ್ರಾಮ ಪಂಚನಹಳ್ಳಿಯಲ್ಲಿ ಮಂಗಳವಾರ ನಡೆದ ಜನಸ್ಪಂದನ ಸಭೆಯಲ್ಲಿ ಸಲ್ಲಿಕೆಯಾದ ಅಹವಾಲುಗಳ ಪೈಕಿ ಶೇ.50ರಷ್ಟು ಸ್ಥಳದಲ್ಲೇ ಪರಿಹಾರ ಕಲ್ಪಿಸಲಾಯಿತು. ಶಾಸಕ ಕೆ.ಎಸ್.ಆನಂದ್ ಮಾತನಾಡಿ, ಸಾರ್ವಜನಿಕರ ಸಮಸ್ಯೆಗಳನ್ನು ಅಧಿಕಾರಿಗಳು ಸಕಾಲದಲ್ಲಿ ಪರಿಹರಿಸಬೇಕು. ಸಾರ್ವಜನಿಕರು ಅಲೆದಾಡುವಂತೆ ಮಾಡಬಾರದು ಎಂದರು.
ಆಗಮಿಸಿ ಪಂಚಾಯಿತಿ ಮಟ್ಟದಲ್ಲಿ ಸ್ಥಳೀಯ ಸಮಸ್ಯೆಗಳನ್ನು ಆಲಿಸುವುದು ಜನಸ್ಪಂದನದ ಉದ್ದೇಶ. ಗ್ರಾಮದ ರಸ್ತೆ, ಕುಡಿಯುವ ನೀರು, ಬೀದಿ ದೀಪ, ಪಿಂಚಣಿ, ಖಾತೆ ಬದಲಾವಣೆ ಸೇರಿದಂತೆ ವಿವಿಧ ಸಮಸ್ಯೆಗಳ ಕುರಿತು ಅರ್ಜಿ ಸಲ್ಲಿಸಿದ್ದರು.
ದೇವಾಲಯಕ್ಕೆ 8 ಲಕ್ಷ ರೂ. ಮತ್ತು ರಸ್ತೆ ಅಭಿವೃದ್ಧಿಗೆ 10 ಲಕ್ಷ ರೂ. ಅನುದಾನ ಮಂಜೂರು ಮಾಡಲಾಗಿದೆ. ಶಾಲಾ ಕಟ್ಟಡ ದುರಸ್ತಿಗೆ 2 ಲಕ್ಷ ರೂ. ಒದಗಿಸಲಾಗುವುದು. ಸ್ಮಶಾನ ಅಭಿವೃದ್ಧಿ ಕಾಮಗಾರಿಗೂ ಶೀಘ್ರ ಚಾಲನೆ ನೀಡಲಾಗುವುದು ಎಂದರು.
ಫಲಾನುಭವಿಗಳಿಗೆ 600 ಲಕ್ಷರು ಅನುದಾನವನ್ನು ನೀಡಲಾಗಿದೆ. ತಹಶೀಲ್ದಾರ್, ತಾ.ಪಂ. ಇಒ, ಗ್ರಾ.ಪಂ. ಅಧ್ಯಕ್ಷರು, ಸದಸ್ಯರು, ವಿವಿಧ ಇಲಾಖೆಗಳ ಅಧಿಕಾರಿಗಳು ಹಾಗೂ ಗ್ರಾಮಸ್ಥರು ಭಾಗವಹಿಸಿದ್ದರು.
ಜನಸ್ಪಂದನ ಸಭೆ ಪಂಚನಹಳ್ಳಿ ಗ್ರಾಮ ಪಂಚಾಯಿತಿ
ಕುರಿ ಮತ್ತು ಮೇಕೆ ಸಾಕಾಣಿಕೆ ಉಚಿತ ತರಬೇತಿ ಶಿಬಿರ
ಚಿಕ್ಕಮಗಳೂರು: ಬೆಂಗಳೂರು ಗ್ರಾಮಾಂತರ ಜಿಲ್ಲೆ ಹೊಸಕೋಟೆ ತಾಲೂಕು ಸೊಣ್ಣಳ್ಳಿಪುರದಲ್ಲಿರುವ ಕೆನರಾ ಬ್ಯಾಂಕ್ ಗ್ರಾಮೀಣ ಸ್ವ ಉದ್ಯೋಗ ತರಬೇತಿ ಸಂಸ್ಥೆಯಲ್ಲಿ ಅಕ್ಟೋಬರ್ 27 ರಿಂದ 13 ದಿನಗಳ ಕುರಿ ಮತ್ತು ಮೇಕೆ ಸಾಕಾಣಿಕೆ ಉಚಿತ ತರಬೇತಿ ಶಿಬಿರವನ್ನು ಆಯೋಜಿಸಲಾಗಿದೆ. ಸ್ವಯಂ ಉದ್ಯೋಗ ಮಾಡಲು ಇಚ್ಛಿಸುವ 18 ರಿಂದ 45 ವರ್ಷ ವಯಸ್ಸಿನ ಗ್ರಾಮೀಣ ಭಾಗದ ಅಭ್ಯರ್ಥಿಗಳು ಅರ್ಜಿ ಸಲ್ಲಿಸಬಹುದು. ತರಬೇತಿ ಅವಧಿಯಲ್ಲಿ ಊಟ ಹಾಗೂ ವಸತಿ ಉಚಿತವಾಗಿರುತ್ತದೆ.
ನಂತರ ಕೇಂದ್ರ, ಸರ್ಕಾರದ ಗ್ರಾಮೀಣ ಸಚಿವಾಲಯದಿಂದ ಪ್ರಮಾಣ ಪತ್ರವನ್ನು ವಿತರಿಸಲಾಗುವುದು. ಆಸಕ್ತರು ಅಕ್ಟೋಬರ್ 27 ರಂದು ಬೆಳಗ್ಗೆ 9 ಗಂಟೆಗೆ ಹೊಸಕೋಟೆ ತಾಲೂಕು ಸೊಣ್ಣಳ್ಳಿಪುರದ ಕೆನರಾ ಬ್ಯಾಂಕ್ ಗ್ರಾಮೀಣ ಸ್ವ ಉದ್ಯೋಗ ತರಬೇತಿ ಸಂಸ್ಥೆಯಲ್ಲಿ ನಡೆಯುವ ಸಂದರ್ಶನಕ್ಕೆ ಹಾಜರಾಗಬಹುದು. ಹೆಚ್ಚಿನ ಮಾಹಿತಿಗೆ 8970476050, 9591514154, 9686248369 ಸಂಪರ್ಕಿಸಬಹುದು.
